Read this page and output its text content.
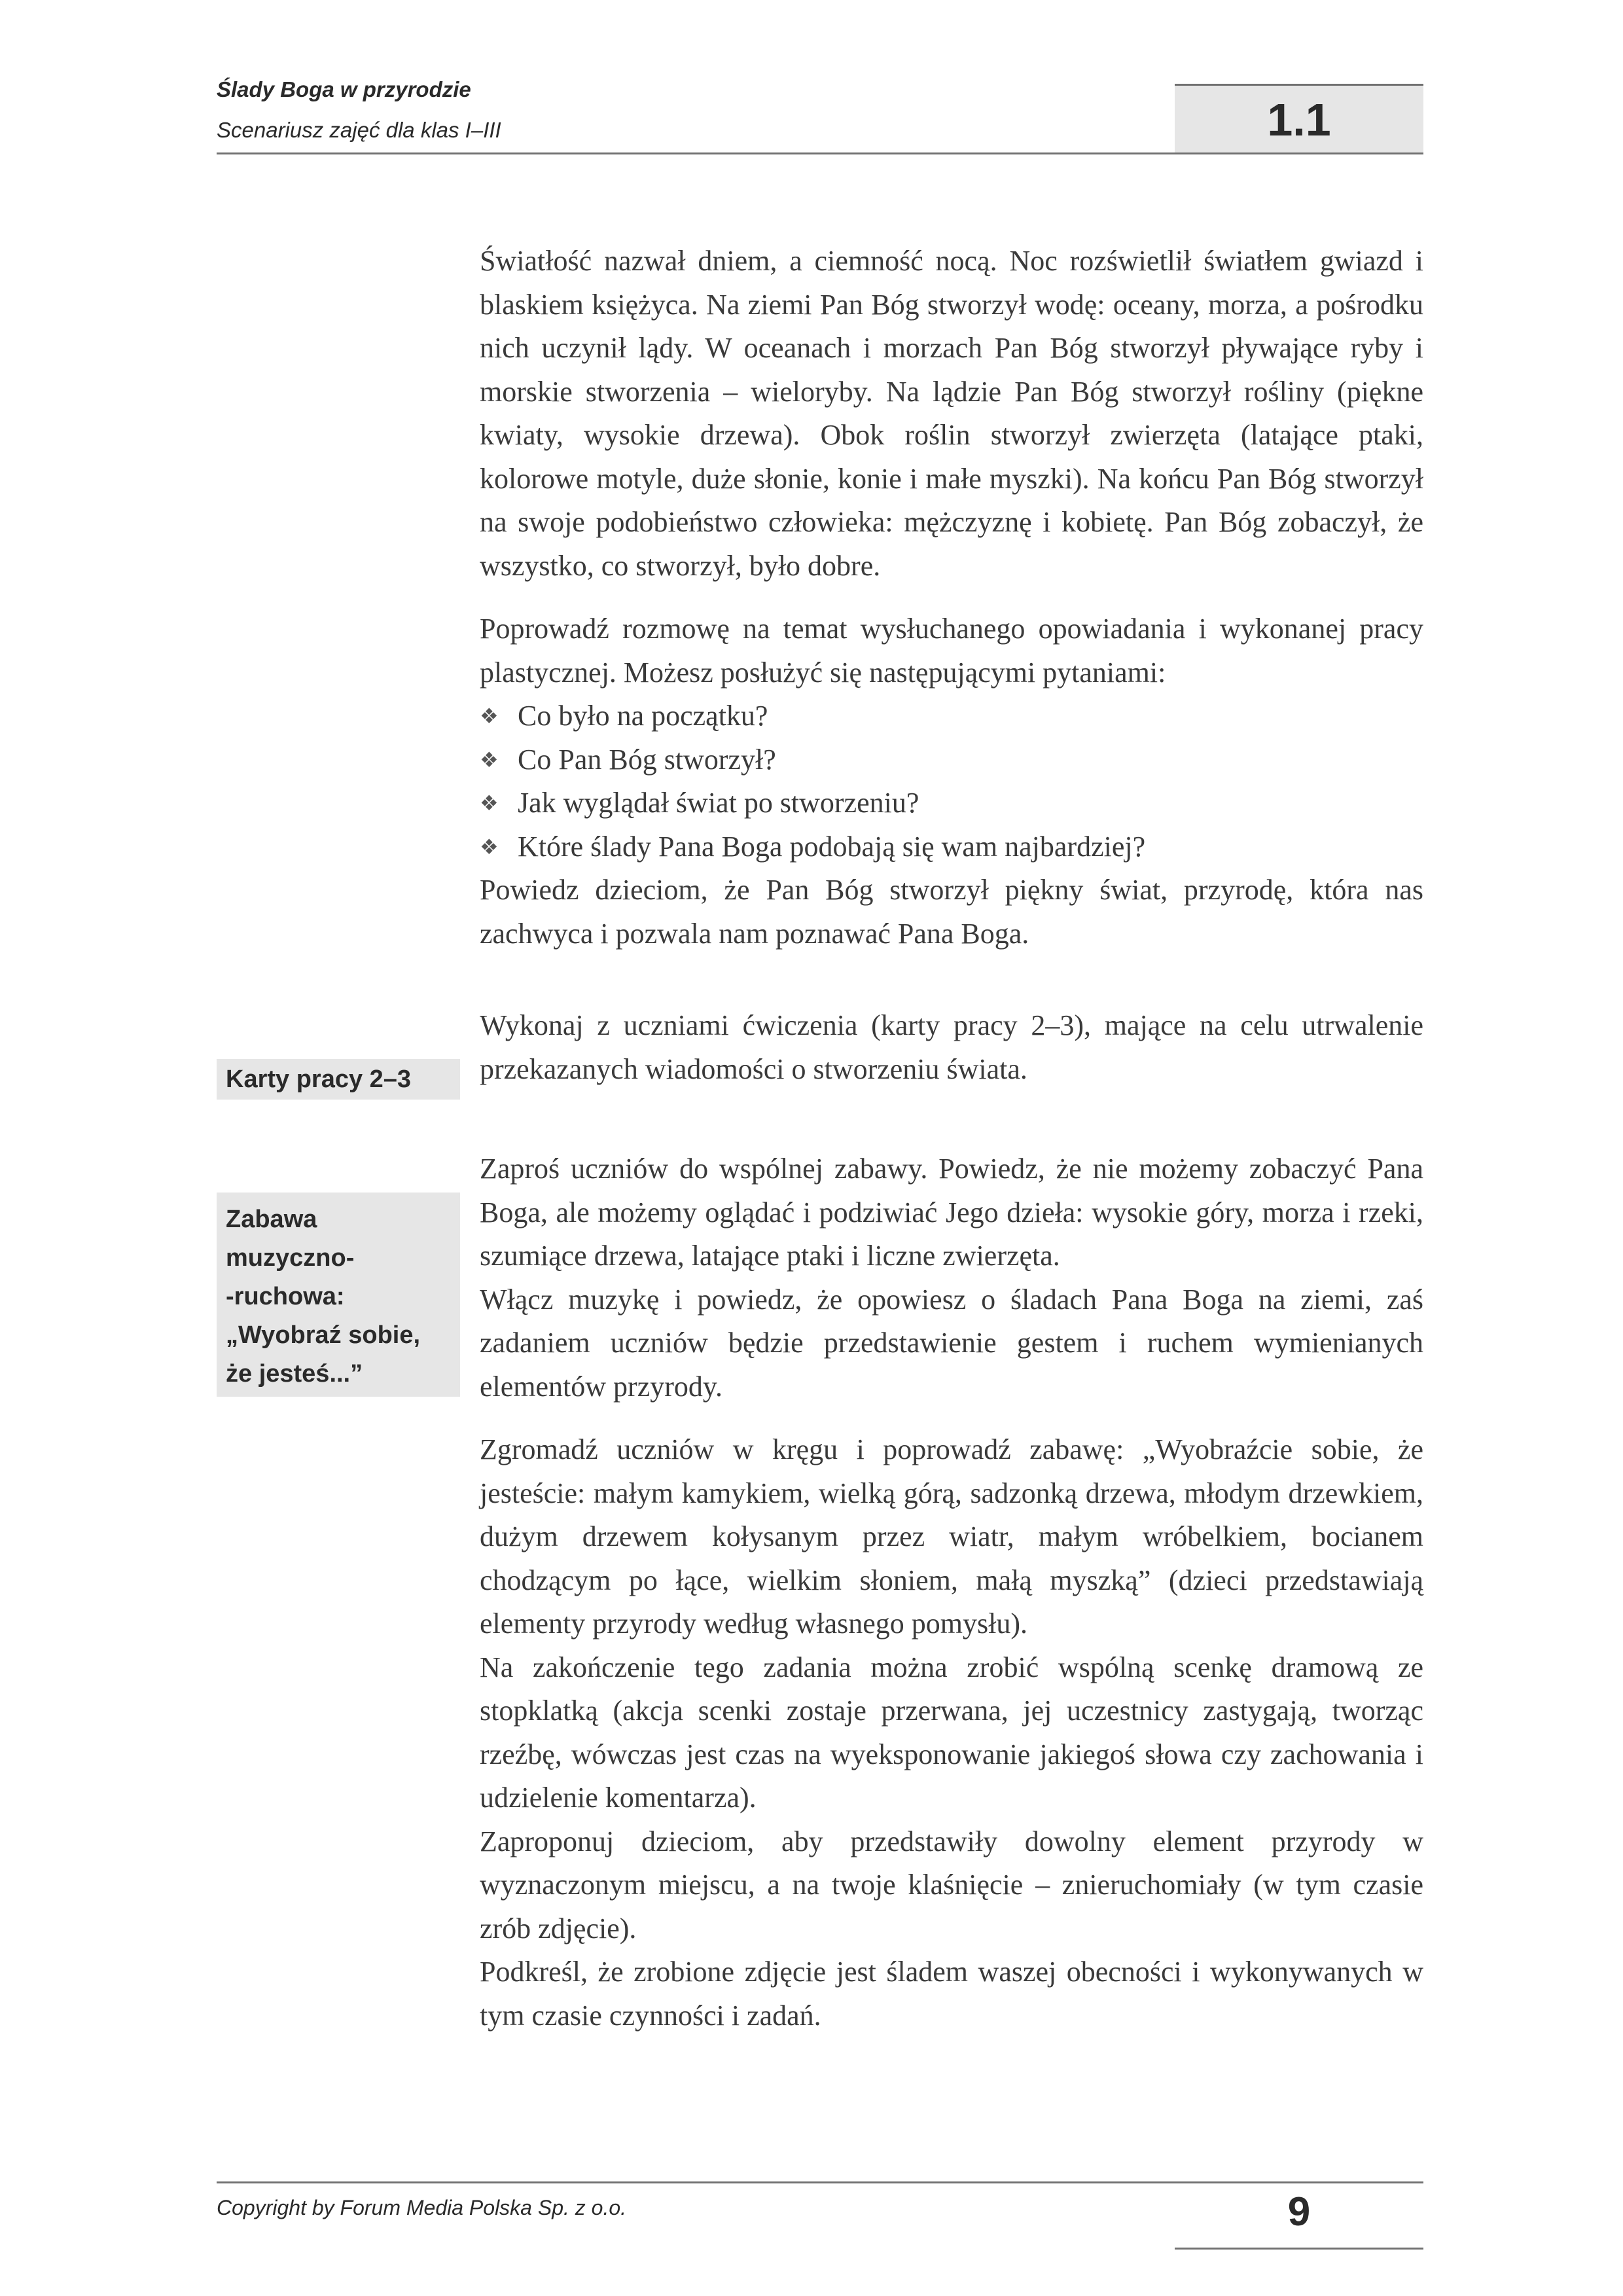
Ślady Boga w przyrodzie
Scenariusz zajęć dla klas I–III	1.1
Karty pracy 2–3
Zabawa
muzyczno-
-ruchowa:
„Wyobraź sobie,
że jesteś...”

Światłość nazwał dniem, a ciemność nocą. Noc rozświetlił światłem gwiazd i blaskiem księżyca. Na ziemi Pan Bóg stworzył wodę: oceany, morza, a pośrodku nich uczynił lądy. W oceanach i morzach Pan Bóg stworzył pływające ryby i morskie stworzenia – wieloryby. Na lądzie Pan Bóg stworzył rośliny (piękne kwiaty, wysokie drzewa). Obok roślin stworzył zwierzęta (latające ptaki, kolorowe motyle, duże słonie, konie i małe myszki). Na końcu Pan Bóg stworzył na swoje podobieństwo człowieka: mężczyznę i kobietę. Pan Bóg zobaczył, że wszystko, co stworzył, było dobre.

Poprowadź rozmowę na temat wysłuchanego opowiadania i wykonanej pracy plastycznej. Możesz posłużyć się następującymi pytaniami:

❖ Co było na początku?
❖ Co Pan Bóg stworzył?
❖ Jak wyglądał świat po stworzeniu?
❖ Które ślady Pana Boga podobają się wam najbardziej?

Powiedz dzieciom, że Pan Bóg stworzył piękny świat, przyrodę, która nas zachwyca i pozwala nam poznawać Pana Boga.

Wykonaj z uczniami ćwiczenia (karty pracy 2–3), mające na celu utrwalenie przekazanych wiadomości o stworzeniu świata.

Zaproś uczniów do wspólnej zabawy. Powiedz, że nie możemy zobaczyć Pana Boga, ale możemy oglądać i podziwiać Jego dzieła: wysokie góry, morza i rzeki, szumiące drzewa, latające ptaki i liczne zwierzęta.

Włącz muzykę i powiedz, że opowiesz o śladach Pana Boga na ziemi, zaś zadaniem uczniów będzie przedstawienie gestem i ruchem wymienianych elementów przyrody.

Zgromadź uczniów w kręgu i poprowadź zabawę: „Wyobraźcie sobie, że jesteście: małym kamykiem, wielką górą, sadzonką drzewa, młodym drzewkiem, dużym drzewem kołysanym przez wiatr, małym wróbelkiem, bocianem chodzącym po łące, wielkim słoniem, małą myszką” (dzieci przedstawiają elementy przyrody według własnego pomysłu).

Na zakończenie tego zadania można zrobić wspólną scenkę dramową ze stopklatką (akcja scenki zostaje przerwana, jej uczestnicy zastygają, tworząc rzeźbę, wówczas jest czas na wyeksponowanie jakiegoś słowa czy zachowania i udzielenie komentarza).

Zaproponuj dzieciom, aby przedstawiły dowolny element przyrody w wyznaczonym miejscu, a na twoje klaśnięcie – znieruchomiały (w tym czasie zrób zdjęcie).

Podkreśl, że zrobione zdjęcie jest śladem waszej obecności i wykonywanych w tym czasie czynności i zadań.

Copyright by Forum Media Polska Sp. z o.o.	9
